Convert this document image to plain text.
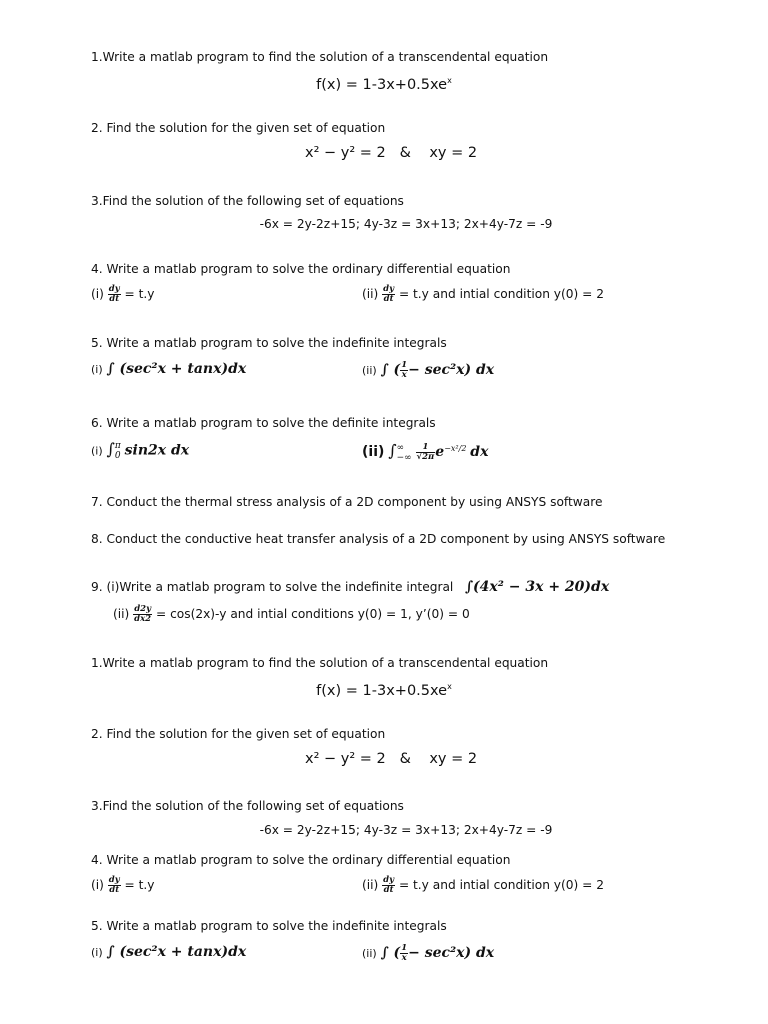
1.Write a matlab program to find the solution of a transcendental equation
$f(x) = 1-3x+0.5xe^x$
2. Find the solution for the given set of equation
x² − y² = 2   &    xy = 2
3.Find the solution of the following set of equations
-6x = 2y-2z+15; 4y-3z = 3x+13; 2x+4y-7z = -9
4. Write a matlab program to solve the ordinary differential equation
$(i) \frac{dy}{dt} = t.y$	$(ii) \frac{dy}{dt} = t.y$ and intial condition y(0) = 2
5. Write a matlab program to solve the indefinite integrals
(i) ∫ (sec²x + tanx)dx	(ii) ∫ ( $\frac{1}{x} - \sec^2x$) dx
6. Write a matlab program to solve the definite integrals
(i) ∫ π
0 sin2x dx	(ii) ∫ ∞
−∞
$\frac{1}{√2\pi} e^{-x^2/2}$ dx
7. Conduct the thermal stress analysis of a 2D component by using ANSYS software
8. Conduct the conductive heat transfer analysis of a 2D component by using ANSYS software
9. (i)Write a matlab program to solve the indefinite integral ∫(4x² − 3x + 20)dx
$(ii) \frac{d2y}{dx2} = \cos(2x)-y$ and intial conditions y(0) = 1, y’(0) = 0
1.Write a matlab program to find the solution of a transcendental equation
$f(x) = 1-3x+0.5xe^x$
2. Find the solution for the given set of equation
x² − y² = 2   &    xy = 2
3.Find the solution of the following set of equations
-6x = 2y-2z+15; 4y-3z = 3x+13; 2x+4y-7z = -9
4. Write a matlab program to solve the ordinary differential equation
$(i) \frac{dy}{dt} = t.y$	$(ii) \frac{dy}{dt} = t.y$ and intial condition y(0) = 2
5. Write a matlab program to solve the indefinite integrals
(i) ∫ (sec²x + tanx)dx	(ii) ∫ ( $\frac{1}{x} - \sec^2x$) dx
